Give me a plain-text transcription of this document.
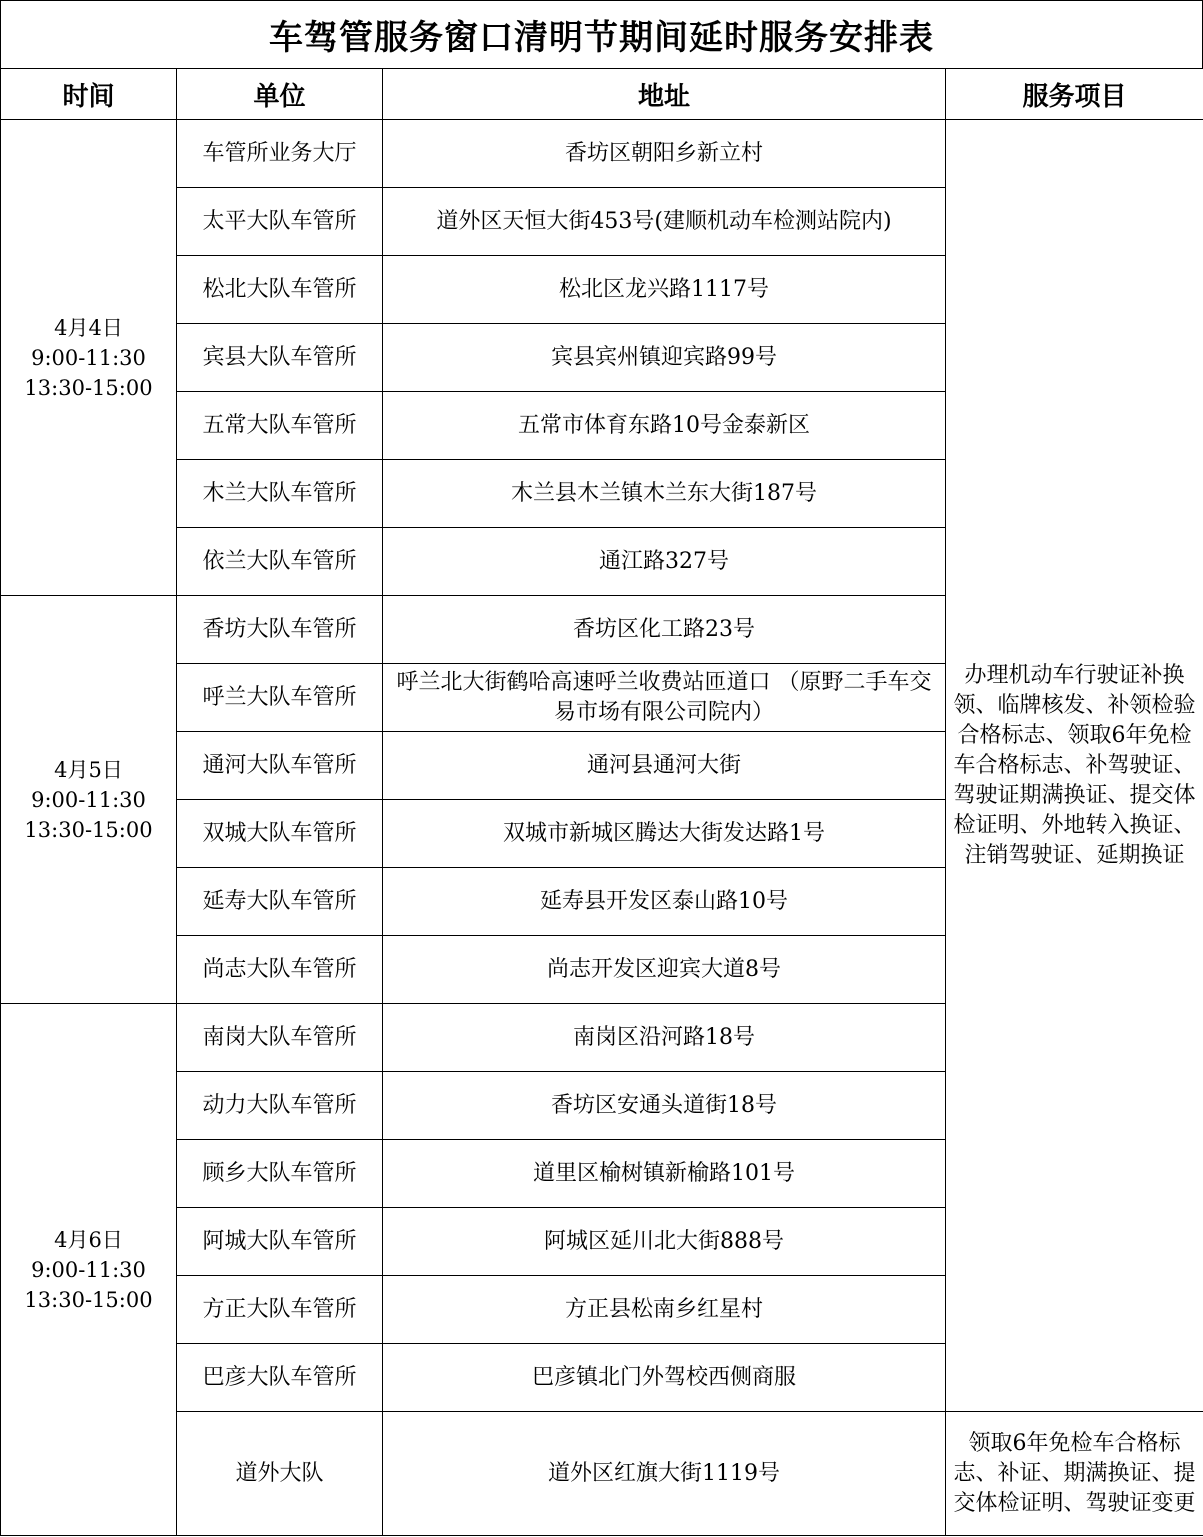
车驾管服务窗口清明节期间延时服务安排表
时间	单位	地址	服务项目

4月4日
9:00-11:30
13:30-15:00	车管所业务大厅	香坊区朝阳乡新立村	办理机动车行驶证补换领、临牌核发、补领检验合格标志、领取6年免检车合格标志、补驾驶证、驾驶证期满换证、提交体检证明、外地转入换证、注销驾驶证、延期换证
	太平大队车管所	道外区天恒大街453号(建顺机动车检测站院内)	
	松北大队车管所	松北区龙兴路1117号	
	宾县大队车管所	宾县宾州镇迎宾路99号	
	五常大队车管所	五常市体育东路10号金泰新区	
	木兰大队车管所	木兰县木兰镇木兰东大街187号	
	依兰大队车管所	通江路327号	

4月5日
9:00-11:30
13:30-15:00	香坊大队车管所	香坊区化工路23号	
	呼兰大队车管所	呼兰北大街鹤哈高速呼兰收费站匝道口 （原野二手车交易市场有限公司院内）	
	通河大队车管所	通河县通河大街	
	双城大队车管所	双城市新城区腾达大街发达路1号	
	延寿大队车管所	延寿县开发区泰山路10号	
	尚志大队车管所	尚志开发区迎宾大道8号	

4月6日
9:00-11:30
13:30-15:00	南岗大队车管所	南岗区沿河路18号	
	动力大队车管所	香坊区安通头道街18号	
	顾乡大队车管所	道里区榆树镇新榆路101号	
	阿城大队车管所	阿城区延川北大街888号	
	方正大队车管所	方正县松南乡红星村	
	巴彦大队车管所	巴彦镇北门外驾校西侧商服	
	道外大队	道外区红旗大街1119号	领取6年免检车合格标志、补证、期满换证、提交体检证明、驾驶证变更
